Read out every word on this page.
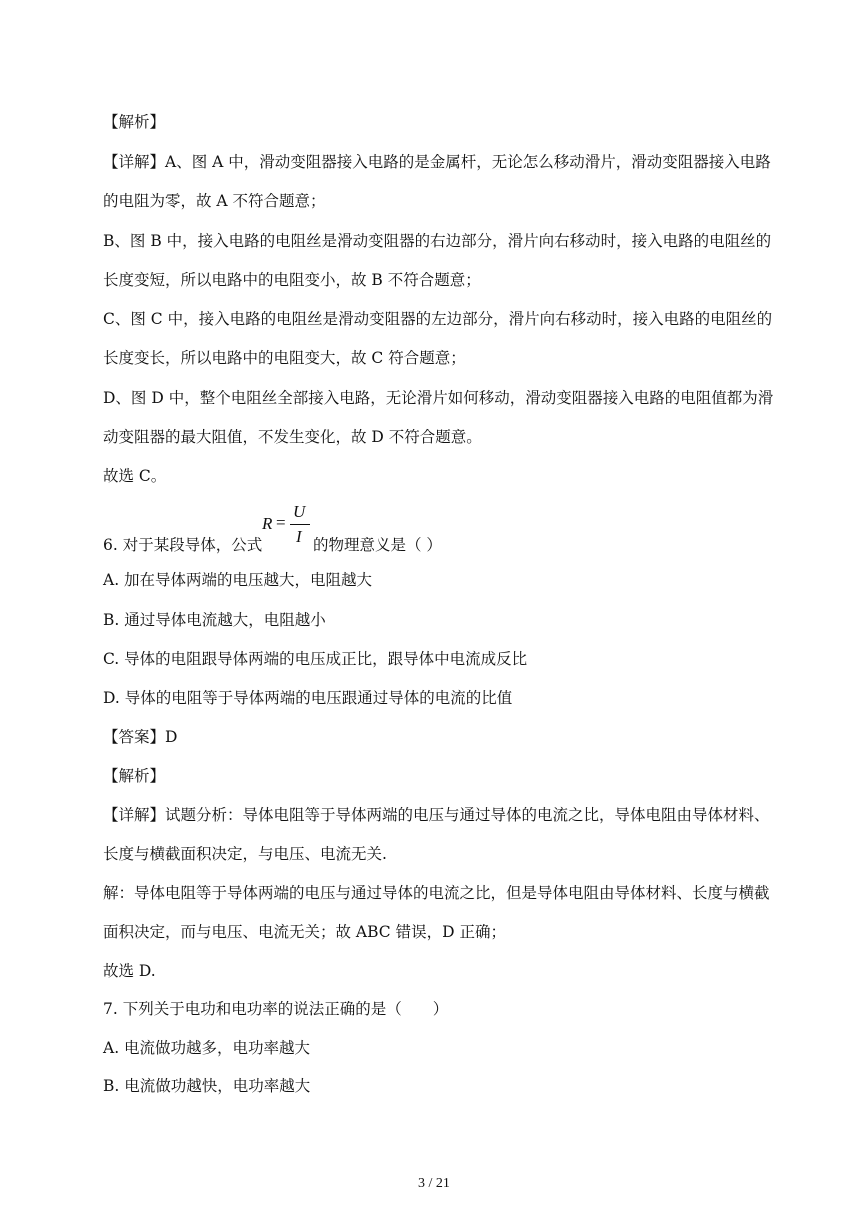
【解析】
【详解】A、图 A 中，滑动变阻器接入电路的是金属杆，无论怎么移动滑片，滑动变阻器接入电路
的电阻为零，故 A 不符合题意；
B、图 B 中，接入电路的电阻丝是滑动变阻器的右边部分，滑片向右移动时，接入电路的电阻丝的
长度变短，所以电路中的电阻变小，故 B 不符合题意；
C、图 C 中，接入电路的电阻丝是滑动变阻器的左边部分，滑片向右移动时，接入电路的电阻丝的
长度变长，所以电路中的电阻变大，故 C 符合题意；
D、图 D 中，整个电阻丝全部接入电路，无论滑片如何移动，滑动变阻器接入电路的电阻值都为滑
动变阻器的最大阻值，不发生变化，故 D 不符合题意。
故选 C。
6. 对于某段导体，公式
R =
U
I 的物理意义是（ ）
A. 加在导体两端的电压越大，电阻越大
B. 通过导体电流越大，电阻越小
C. 导体的电阻跟导体两端的电压成正比，跟导体中电流成反比
D. 导体的电阻等于导体两端的电压跟通过导体的电流的比值
【答案】D
【解析】
【详解】试题分析：导体电阻等于导体两端的电压与通过导体的电流之比，导体电阻由导体材料、
长度与横截面积决定，与电压、电流无关.
解：导体电阻等于导体两端的电压与通过导体的电流之比，但是导体电阻由导体材料、长度与横截
面积决定，而与电压、电流无关；故 ABC 错误，D 正确；
故选 D.
7. 下列关于电功和电功率的说法正确的是（　　）
A. 电流做功越多，电功率越大
B. 电流做功越快，电功率越大
3 / 21
